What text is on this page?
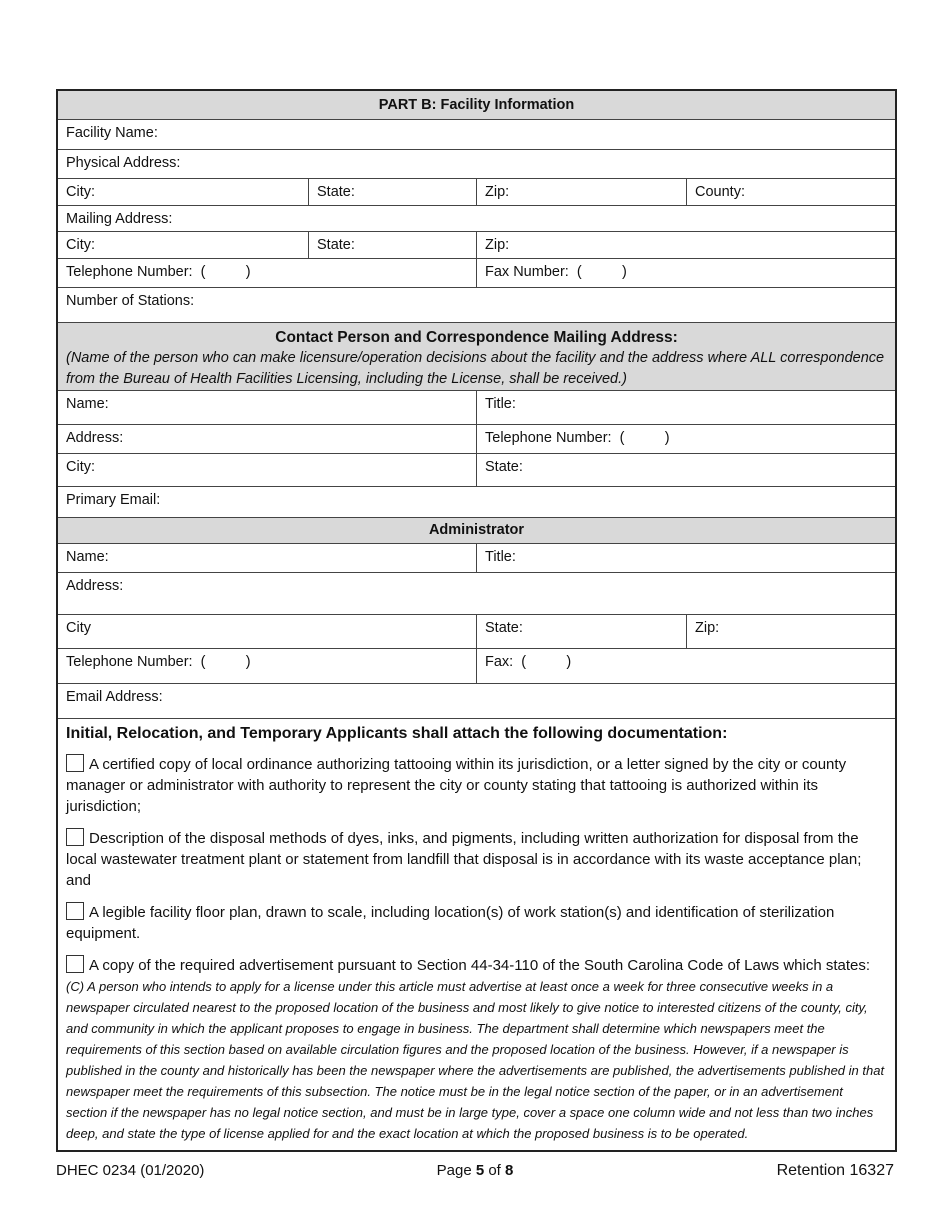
PART B: Facility Information
Facility Name:
Physical Address:
City:	State:	Zip:	County:
Mailing Address:
City:	State:	Zip:
Telephone Number:  (          )	Fax Number:  (          )
Number of Stations:
Contact Person and Correspondence Mailing Address:
(Name of the person who can make licensure/operation decisions about the facility and the address where ALL correspondence from the Bureau of Health Facilities Licensing, including the License, shall be received.)
Name:	Title:
Address:	Telephone Number:  (          )
City:	State:
Primary Email:
Administrator
Name:	Title:
Address:
City	State:	Zip:
Telephone Number:  (          )	Fax:  (          )
Email Address:
Initial, Relocation, and Temporary Applicants shall attach the following documentation:
A certified copy of local ordinance authorizing tattooing within its jurisdiction, or a letter signed by the city or county manager or administrator with authority to represent the city or county stating that tattooing is authorized within its jurisdiction;
Description of the disposal methods of dyes, inks, and pigments, including written authorization for disposal from the local wastewater treatment plant or statement from landfill that disposal is in accordance with its waste acceptance plan; and
A legible facility floor plan, drawn to scale, including location(s) of work station(s) and identification of sterilization equipment.
A copy of the required advertisement pursuant to Section 44-34-110 of the South Carolina Code of Laws which states: (C) A person who intends to apply for a license under this article must advertise at least once a week for three consecutive weeks in a newspaper circulated nearest to the proposed location of the business and most likely to give notice to interested citizens of the county, city, and community in which the applicant proposes to engage in business. The department shall determine which newspapers meet the requirements of this section based on available circulation figures and the proposed location of the business. However, if a newspaper is published in the county and historically has been the newspaper where the advertisements are published, the advertisements published in that newspaper meet the requirements of this subsection. The notice must be in the legal notice section of the paper, or in an advertisement section if the newspaper has no legal notice section, and must be in large type, cover a space one column wide and not less than two inches deep, and state the type of license applied for and the exact location at which the proposed business is to be operated.
DHEC 0234 (01/2020)	Page 5 of 8	Retention 16327
